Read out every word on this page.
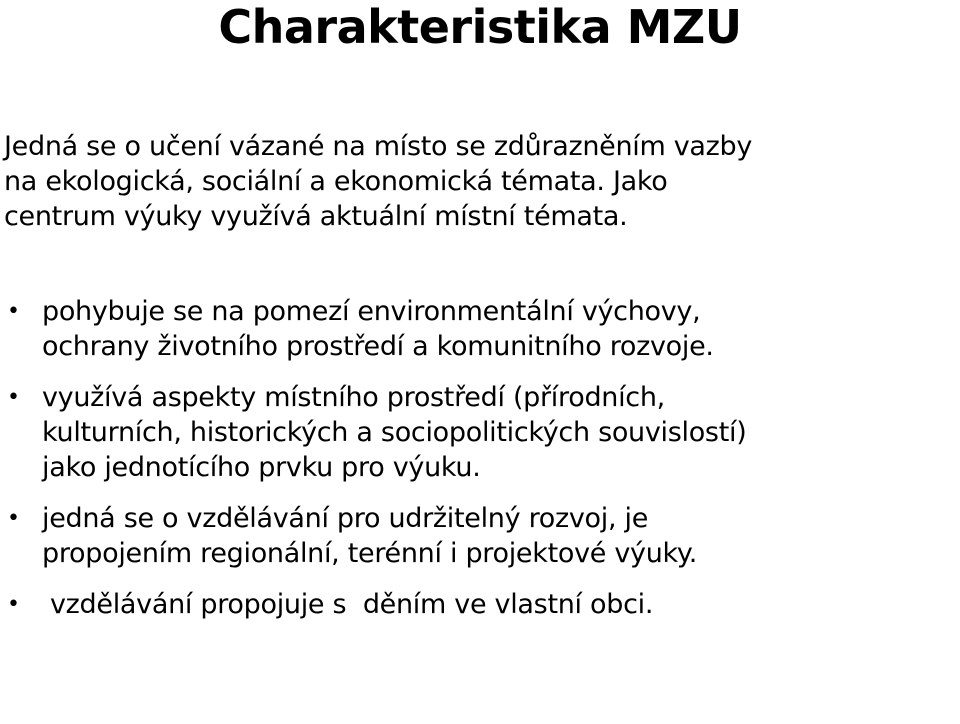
Charakteristika MZU
Jedná se o učení vázané na místo se zdůrazněním vazby
na ekologická, sociální a ekonomická témata. Jako
centrum výuky využívá aktuální místní témata.
• pohybuje se na pomezí environmentální výchovy,
ochrany životního prostředí a komunitního rozvoje.
• využívá aspekty místního prostředí (přírodních,
kulturních, historických a sociopolitických souvislostí)
jako jednotícího prvku pro výuku.
• jedná se o vzdělávání pro udržitelný rozvoj, je
propojením regionální, terénní i projektové výuky.
• vzdělávání propojuje s  děním ve vlastní obci.
